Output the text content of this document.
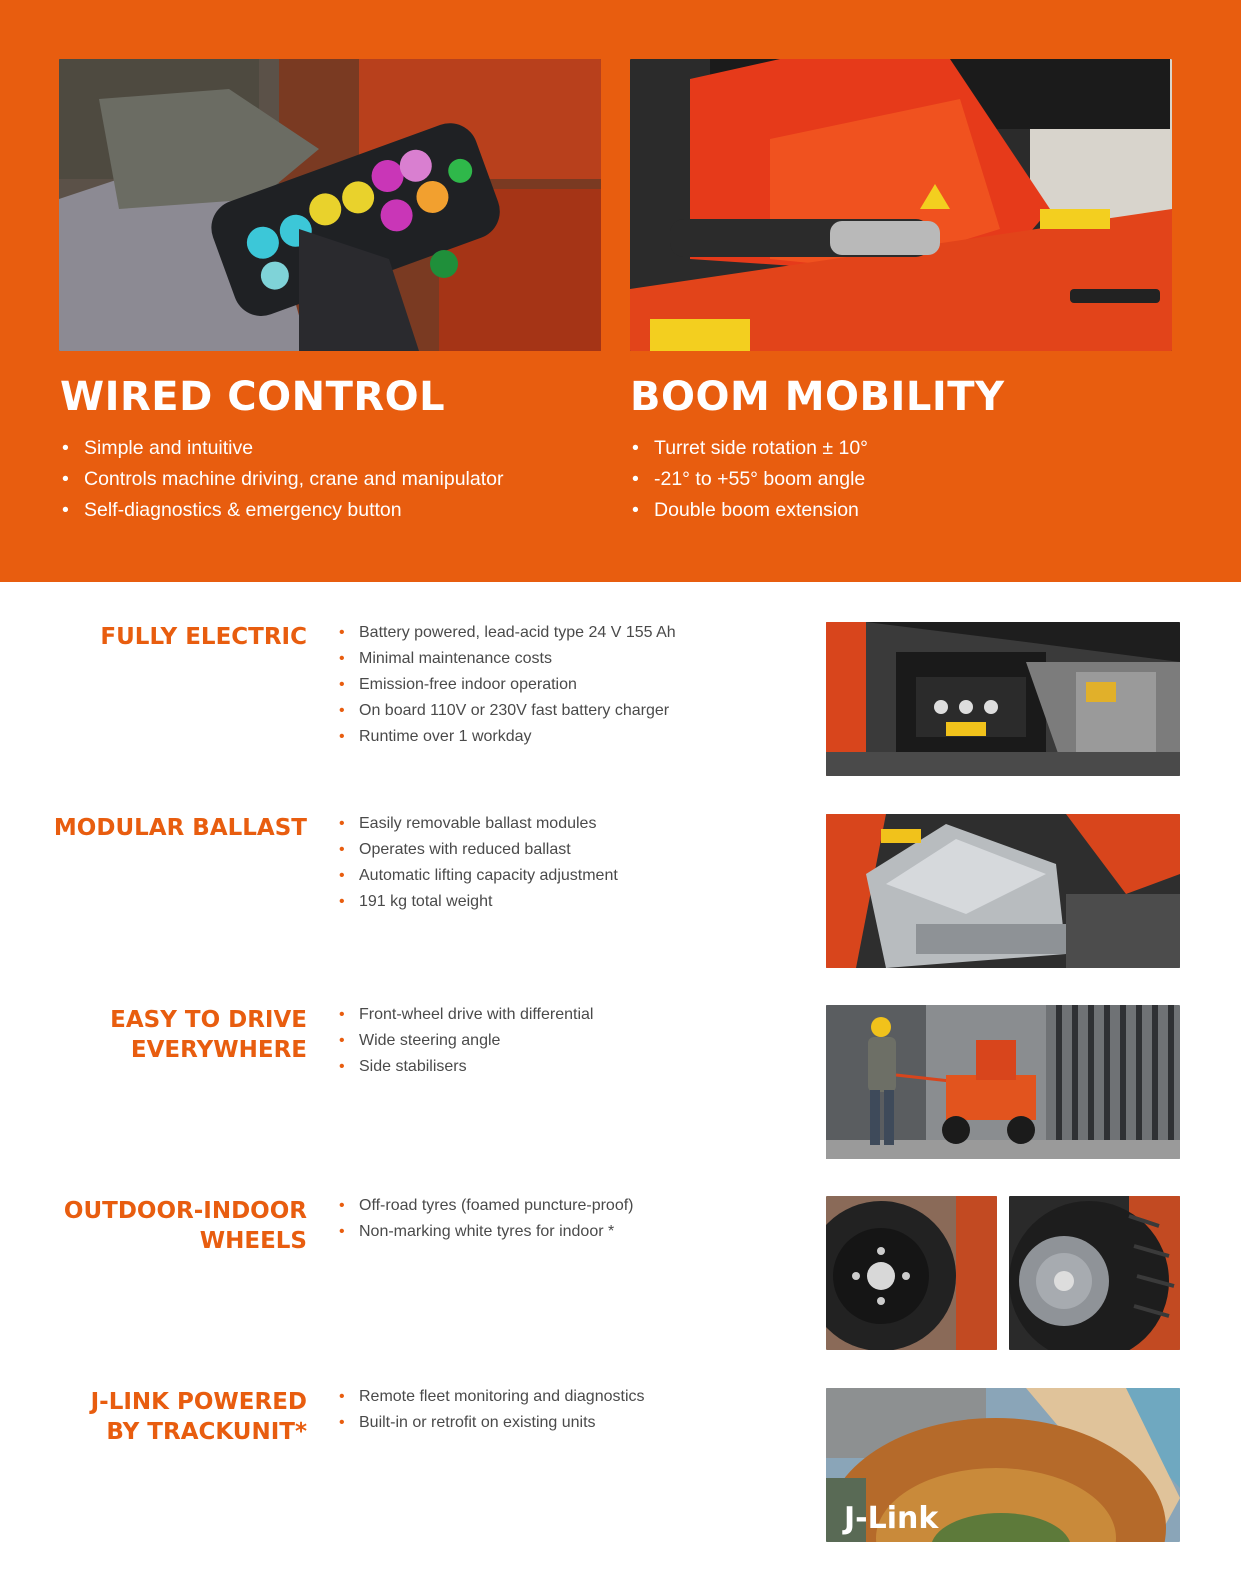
WIRED CONTROL
• Simple and intuitive
• Controls machine driving, crane and manipulator
• Self-diagnostics & emergency button
BOOM MOBILITY
• Turret side rotation ± 10°
• -21° to +55° boom angle
• Double boom extension
FULLY ELECTRIC	• Battery powered, lead-acid type 24 V 155 Ah
• Minimal maintenance costs
• Emission-free indoor operation
• On board 110V or 230V fast battery charger
• Runtime over 1 workday
MODULAR BALLAST	• Easily removable ballast modules
• Operates with reduced ballast
• Automatic lifting capacity adjustment
• 191 kg total weight
EASY TO DRIVE
EVERYWHERE
• Front-wheel drive with differential
• Wide steering angle
• Side stabilisers
OUTDOOR-INDOOR
WHEELS
• Off-road tyres (foamed puncture-proof)
• Non-marking white tyres for indoor *
J-LINK POWERED
BY TRACKUNIT*
• Remote fleet monitoring and diagnostics
• Built-in or retrofit on existing units
J-Link
